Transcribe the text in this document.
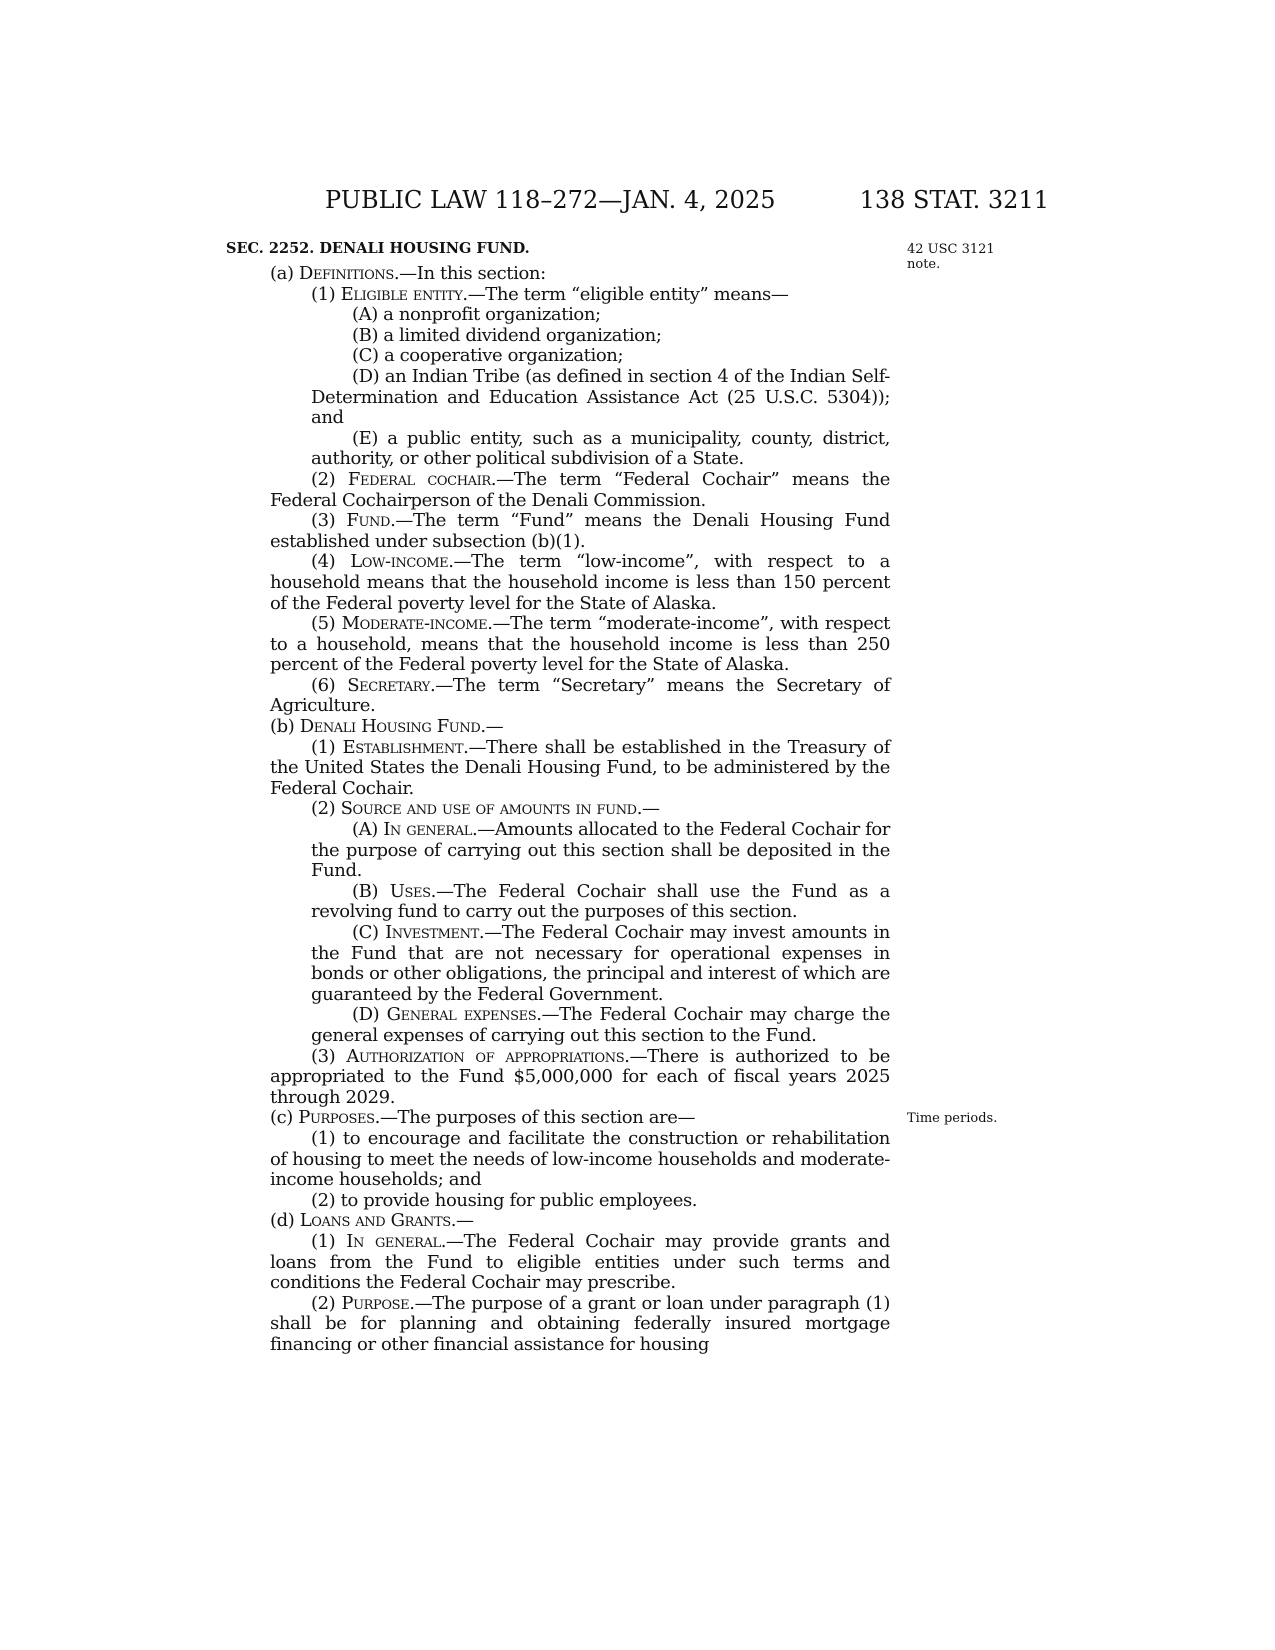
PUBLIC LAW 118–272—JAN. 4, 2025	138 STAT. 3211
SEC. 2252. DENALI HOUSING FUND.	42 USC 3121
note.
Time periods.

(a) Definitions.—In this section:

(1) Eligible entity.—The term “eligible entity” means—

(A) a nonprofit organization;

(B) a limited dividend organization;

(C) a cooperative organization;

(D) an Indian Tribe (as defined in section 4 of the Indian Self-Determination and Education Assistance Act (25 U.S.C. 5304)); and

(E) a public entity, such as a municipality, county, district, authority, or other political subdivision of a State.

(2) Federal cochair.—The term “Federal Cochair” means the Federal Cochairperson of the Denali Commission.

(3) Fund.—The term “Fund” means the Denali Housing Fund established under subsection (b)(1).

(4) Low-income.—The term “low-income”, with respect to a household means that the household income is less than 150 percent of the Federal poverty level for the State of Alaska.

(5) Moderate-income.—The term “moderate-income”, with respect to a household, means that the household income is less than 250 percent of the Federal poverty level for the State of Alaska.

(6) Secretary.—The term “Secretary” means the Secretary of Agriculture.

(b) Denali Housing Fund.—

(1) Establishment.—There shall be established in the Treasury of the United States the Denali Housing Fund, to be administered by the Federal Cochair.

(2) Source and use of amounts in fund.—

(A) In general.—Amounts allocated to the Federal Cochair for the purpose of carrying out this section shall be deposited in the Fund.

(B) Uses.—The Federal Cochair shall use the Fund as a revolving fund to carry out the purposes of this section.

(C) Investment.—The Federal Cochair may invest amounts in the Fund that are not necessary for operational expenses in bonds or other obligations, the principal and interest of which are guaranteed by the Federal Government.

(D) General expenses.—The Federal Cochair may charge the general expenses of carrying out this section to the Fund.

(3) Authorization of appropriations.—There is authorized to be appropriated to the Fund $5,000,000 for each of fiscal years 2025 through 2029.

(c) Purposes.—The purposes of this section are—

(1) to encourage and facilitate the construction or rehabilitation of housing to meet the needs of low-income households and moderate-income households; and

(2) to provide housing for public employees.

(d) Loans and Grants.—

(1) In general.—The Federal Cochair may provide grants and loans from the Fund to eligible entities under such terms and conditions the Federal Cochair may prescribe.

(2) Purpose.—The purpose of a grant or loan under paragraph (1) shall be for planning and obtaining federally insured mortgage financing or other financial assistance for housing
